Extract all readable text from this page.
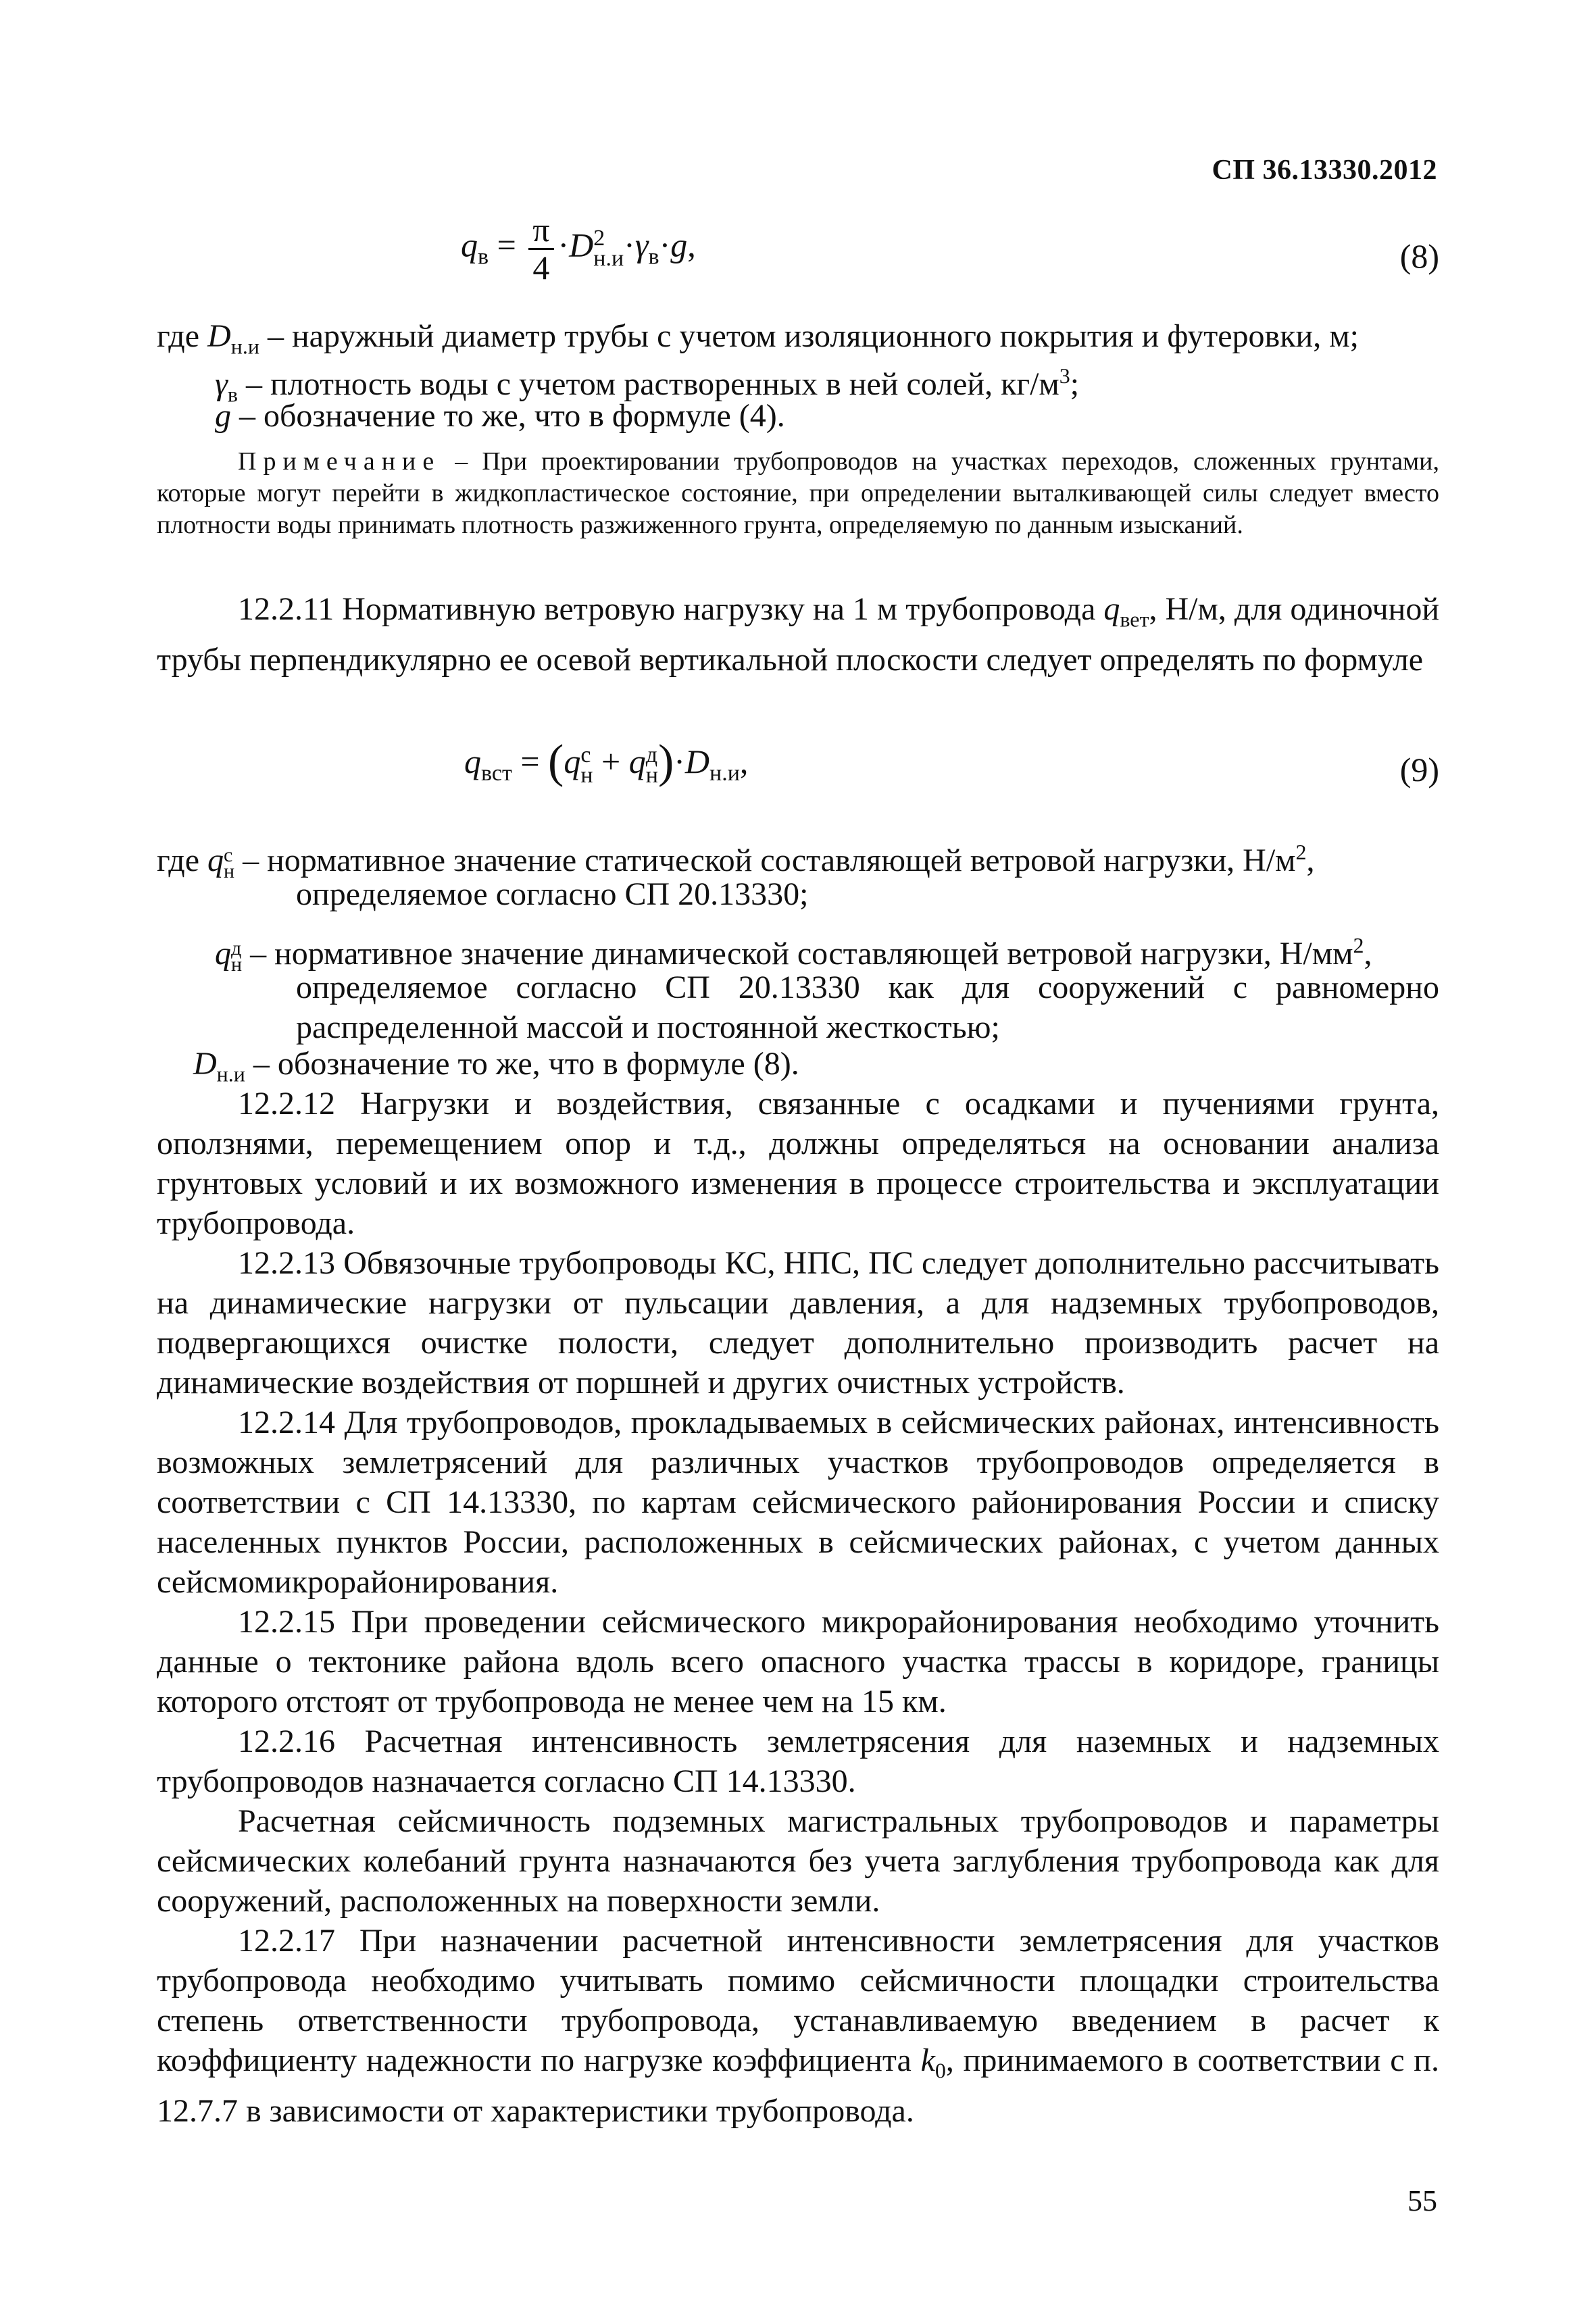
СП 36.13330.2012
$q_в = \frac{\pi}{4} \cdot D$ 2
$н.и \cdot\gamma_в\cdot g$,	(8)
где $D_{н.и}$ – наружный диаметр трубы с учетом изоляционного покрытия и футеровки, м;
$\gamma_в$ – плотность воды с учетом растворенных в ней солей, $кг/м^3$;
g – обозначение то же, что в формуле (4).
Примечание – При проектировании трубопроводов на участках переходов, сложенных грунтами, которые могут перейти в жидкопластическое состояние, при определении выталкивающей силы следует вместо плотности воды принимать плотность разжиженного грунта, определяемую по данным изысканий.
12.2.11 Нормативную ветровую нагрузку на 1 м трубопровода $q_{вет}$, Н/м, для одиночной трубы перпендикулярно ее осевой вертикальной плоскости следует определять по формуле
$q_{вст} = (q$ с
н + q д
н )$\cdot D_{н.и}$,	(9)
где q с
н – нормативное значение статической составляющей ветровой нагрузки, $Н/м^2$,
определяемое согласно СП 20.13330;
q д
н – нормативное значение динамической составляющей ветровой нагрузки, $Н/мм^2$,
определяемое согласно СП 20.13330 как для сооружений с равномерно распределенной массой и постоянной жесткостью;
$D_{н.и}$ – обозначение то же, что в формуле (8).
12.2.12 Нагрузки и воздействия, связанные с осадками и пучениями грунта, оползнями, перемещением опор и т.д., должны определяться на основании анализа грунтовых условий и их возможного изменения в процессе строительства и эксплуатации трубопровода.
12.2.13 Обвязочные трубопроводы КС, НПС, ПС следует дополнительно рассчитывать на динамические нагрузки от пульсации давления, а для надземных трубопроводов, подвергающихся очистке полости, следует дополнительно производить расчет на динамические воздействия от поршней и других очистных устройств.
12.2.14 Для трубопроводов, прокладываемых в сейсмических районах, интенсивность возможных землетрясений для различных участков трубопроводов определяется в соответствии с СП 14.13330, по картам сейсмического районирования России и списку населенных пунктов России, расположенных в сейсмических районах, с учетом данных сейсмомикрорайонирования.
12.2.15 При проведении сейсмического микрорайонирования необходимо уточнить данные о тектонике района вдоль всего опасного участка трассы в коридоре, границы которого отстоят от трубопровода не менее чем на 15 км.
12.2.16 Расчетная интенсивность землетрясения для наземных и надземных трубопроводов назначается согласно СП 14.13330.
Расчетная сейсмичность подземных магистральных трубопроводов и параметры сейсмических колебаний грунта назначаются без учета заглубления трубопровода как для сооружений, расположенных на поверхности земли.
12.2.17 При назначении расчетной интенсивности землетрясения для участков трубопровода необходимо учитывать помимо сейсмичности площадки строительства степень ответственности трубопровода, устанавливаемую введением в расчет к коэффициенту надежности по нагрузке коэффициента $k_0$, принимаемого в соответствии с п. 12.7.7 в зависимости от характеристики трубопровода.
55
